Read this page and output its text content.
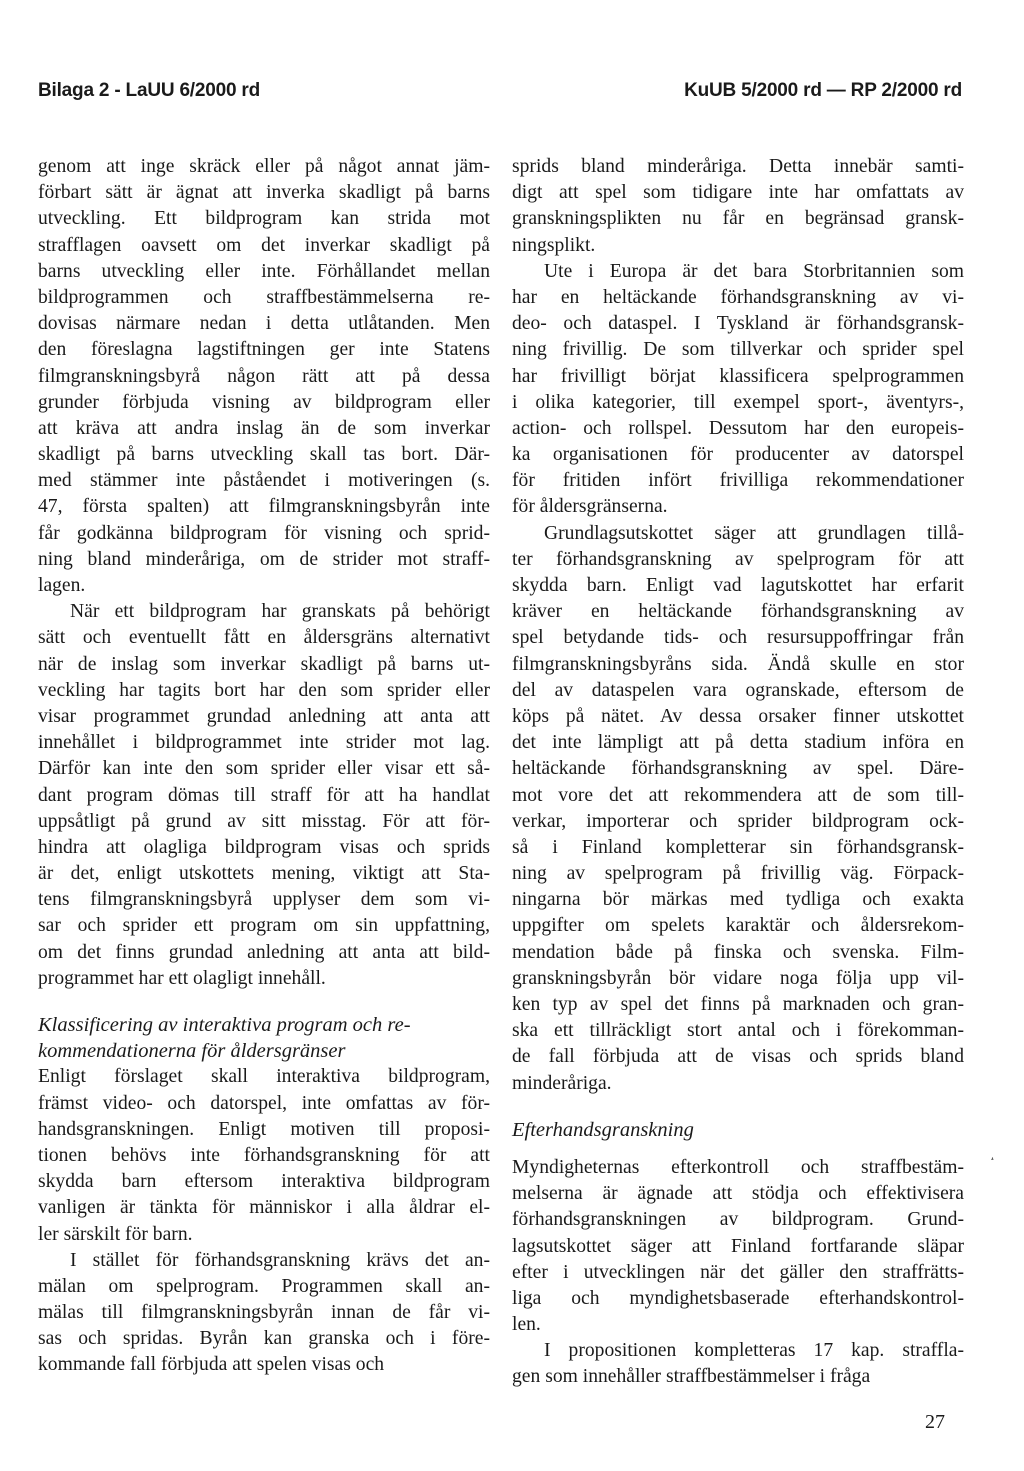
Bilaga 2 - LaUU 6/2000 rd	KuUB 5/2000 rd — RP 2/2000 rd
genom att inge skräck eller på något annat jäm-
förbart sätt är ägnat att inverka skadligt på barns
utveckling. Ett bildprogram kan strida mot
strafflagen oavsett om det inverkar skadligt på
barns utveckling eller inte. Förhållandet mellan
bildprogrammen och straffbestämmelserna re-
dovisas närmare nedan i detta utlåtanden. Men
den föreslagna lagstiftningen ger inte Statens
filmgranskningsbyrå någon rätt att på dessa
grunder förbjuda visning av bildprogram eller
att kräva att andra inslag än de som inverkar
skadligt på barns utveckling skall tas bort. Där-
med stämmer inte påståendet i motiveringen (s.
47, första spalten) att filmgranskningsbyrån inte
får godkänna bildprogram för visning och sprid-
ning bland minderåriga, om de strider mot straff-
lagen.
När ett bildprogram har granskats på behörigt
sätt och eventuellt fått en åldersgräns alternativt
när de inslag som inverkar skadligt på barns ut-
veckling har tagits bort har den som sprider eller
visar programmet grundad anledning att anta att
innehållet i bildprogrammet inte strider mot lag.
Därför kan inte den som sprider eller visar ett så-
dant program dömas till straff för att ha handlat
uppsåtligt på grund av sitt misstag. För att för-
hindra att olagliga bildprogram visas och sprids
är det, enligt utskottets mening, viktigt att Sta-
tens filmgranskningsbyrå upplyser dem som vi-
sar och sprider ett program om sin uppfattning,
om det finns grundad anledning att anta att bild-
programmet har ett olagligt innehåll.
Klassificering av interaktiva program och re-
kommendationerna för åldersgränser
Enligt förslaget skall interaktiva bildprogram,
främst video- och datorspel, inte omfattas av för-
handsgranskningen. Enligt motiven till proposi-
tionen behövs inte förhandsgranskning för att
skydda barn eftersom interaktiva bildprogram
vanligen är tänkta för människor i alla åldrar el-
ler särskilt för barn.
I stället för förhandsgranskning krävs det an-
mälan om spelprogram. Programmen skall an-
mälas till filmgranskningsbyrån innan de får vi-
sas och spridas. Byrån kan granska och i före-
kommande fall förbjuda att spelen visas och
sprids bland minderåriga. Detta innebär samti-
digt att spel som tidigare inte har omfattats av
granskningsplikten nu får en begränsad gransk-
ningsplikt.
Ute i Europa är det bara Storbritannien som
har en heltäckande förhandsgranskning av vi-
deo- och dataspel. I Tyskland är förhandsgransk-
ning frivillig. De som tillverkar och sprider spel
har frivilligt börjat klassificera spelprogrammen
i olika kategorier, till exempel sport-, äventyrs-,
action- och rollspel. Dessutom har den europeis-
ka organisationen för producenter av datorspel
för fritiden infört frivilliga rekommendationer
för åldersgränserna.
Grundlagsutskottet säger att grundlagen tillå-
ter förhandsgranskning av spelprogram för att
skydda barn. Enligt vad lagutskottet har erfarit
kräver en heltäckande förhandsgranskning av
spel betydande tids- och resursuppoffringar från
filmgranskningsbyråns sida. Ändå skulle en stor
del av dataspelen vara ogranskade, eftersom de
köps på nätet. Av dessa orsaker finner utskottet
det inte lämpligt att på detta stadium införa en
heltäckande förhandsgranskning av spel. Däre-
mot vore det att rekommendera att de som till-
verkar, importerar och sprider bildprogram ock-
så i Finland kompletterar sin förhandsgransk-
ning av spelprogram på frivillig väg. Förpack-
ningarna bör märkas med tydliga och exakta
uppgifter om spelets karaktär och åldersrekom-
mendation både på finska och svenska. Film-
granskningsbyrån bör vidare noga följa upp vil-
ken typ av spel det finns på marknaden och gran-
ska ett tillräckligt stort antal och i förekomman-
de fall förbjuda att de visas och sprids bland
minderåriga.
Efterhandsgranskning
Myndigheternas efterkontroll och straffbestäm-
melserna är ägnade att stödja och effektivisera
förhandsgranskningen av bildprogram. Grund-
lagsutskottet säger att Finland fortfarande släpar
efter i utvecklingen när det gäller den straffrätts-
liga och myndighetsbaserade efterhandskontrol-
len.
I propositionen kompletteras 17 kap. straffla-
gen som innehåller straffbestämmelser i fråga
˔
27
